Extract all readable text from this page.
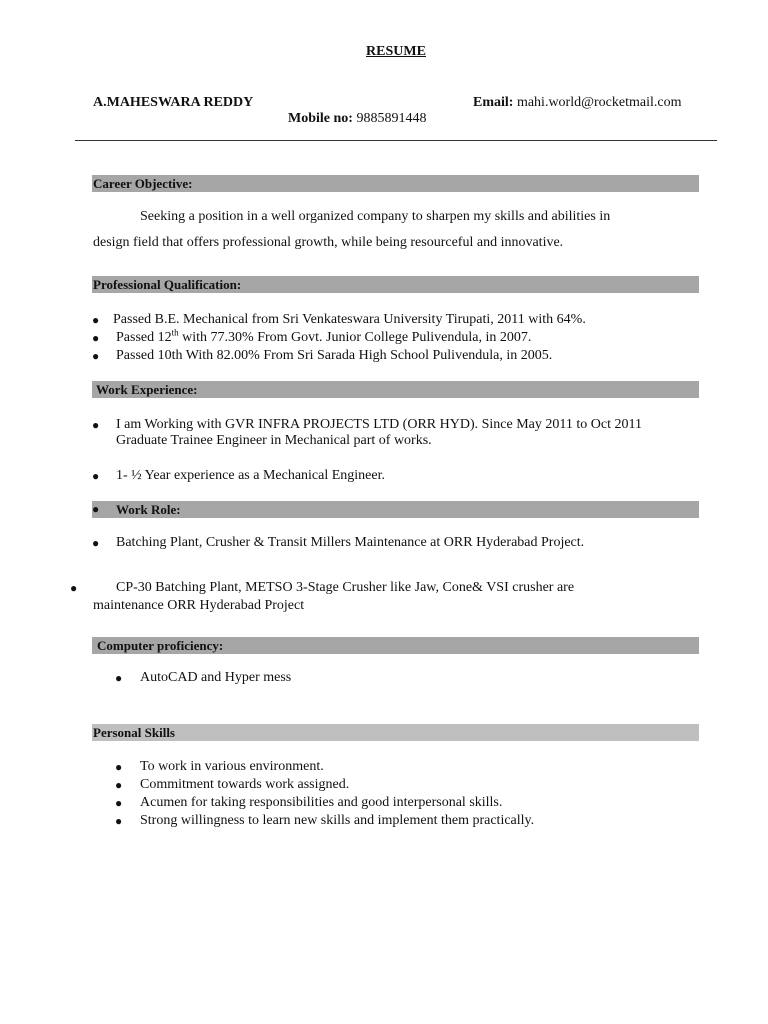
RESUME
A.MAHESWARA REDDY	Email: mahi.world@rocketmail.com
Mobile no: 9885891448
Career Objective:
Seeking a position in a well organized company to sharpen my skills and abilities in
design field that offers professional growth, while being resourceful and innovative.
Professional Qualification:
● Passed B.E. Mechanical from Sri Venkateswara University Tirupati, 2011 with 64%.
● Passed 12th with 77.30% From Govt. Junior College Pulivendula, in 2007.
● Passed 10th With 82.00% From Sri Sarada High School Pulivendula, in 2005.
Work Experience:
● I am Working with GVR INFRA PROJECTS LTD (ORR HYD). Since May 2011 to Oct 2011
Graduate Trainee Engineer in Mechanical part of works.
● 1- ½ Year experience as a Mechanical Engineer.
● Work Role:
● Batching Plant, Crusher & Transit Millers Maintenance at ORR Hyderabad Project.
●	CP-30 Batching Plant, METSO 3-Stage Crusher like Jaw, Cone& VSI crusher are
maintenance ORR Hyderabad Project
Computer proficiency:
● AutoCAD and Hyper mess
Personal Skills
● To work in various environment.
● Commitment towards work assigned.
● Acumen for taking responsibilities and good interpersonal skills.
● Strong willingness to learn new skills and implement them practically.
